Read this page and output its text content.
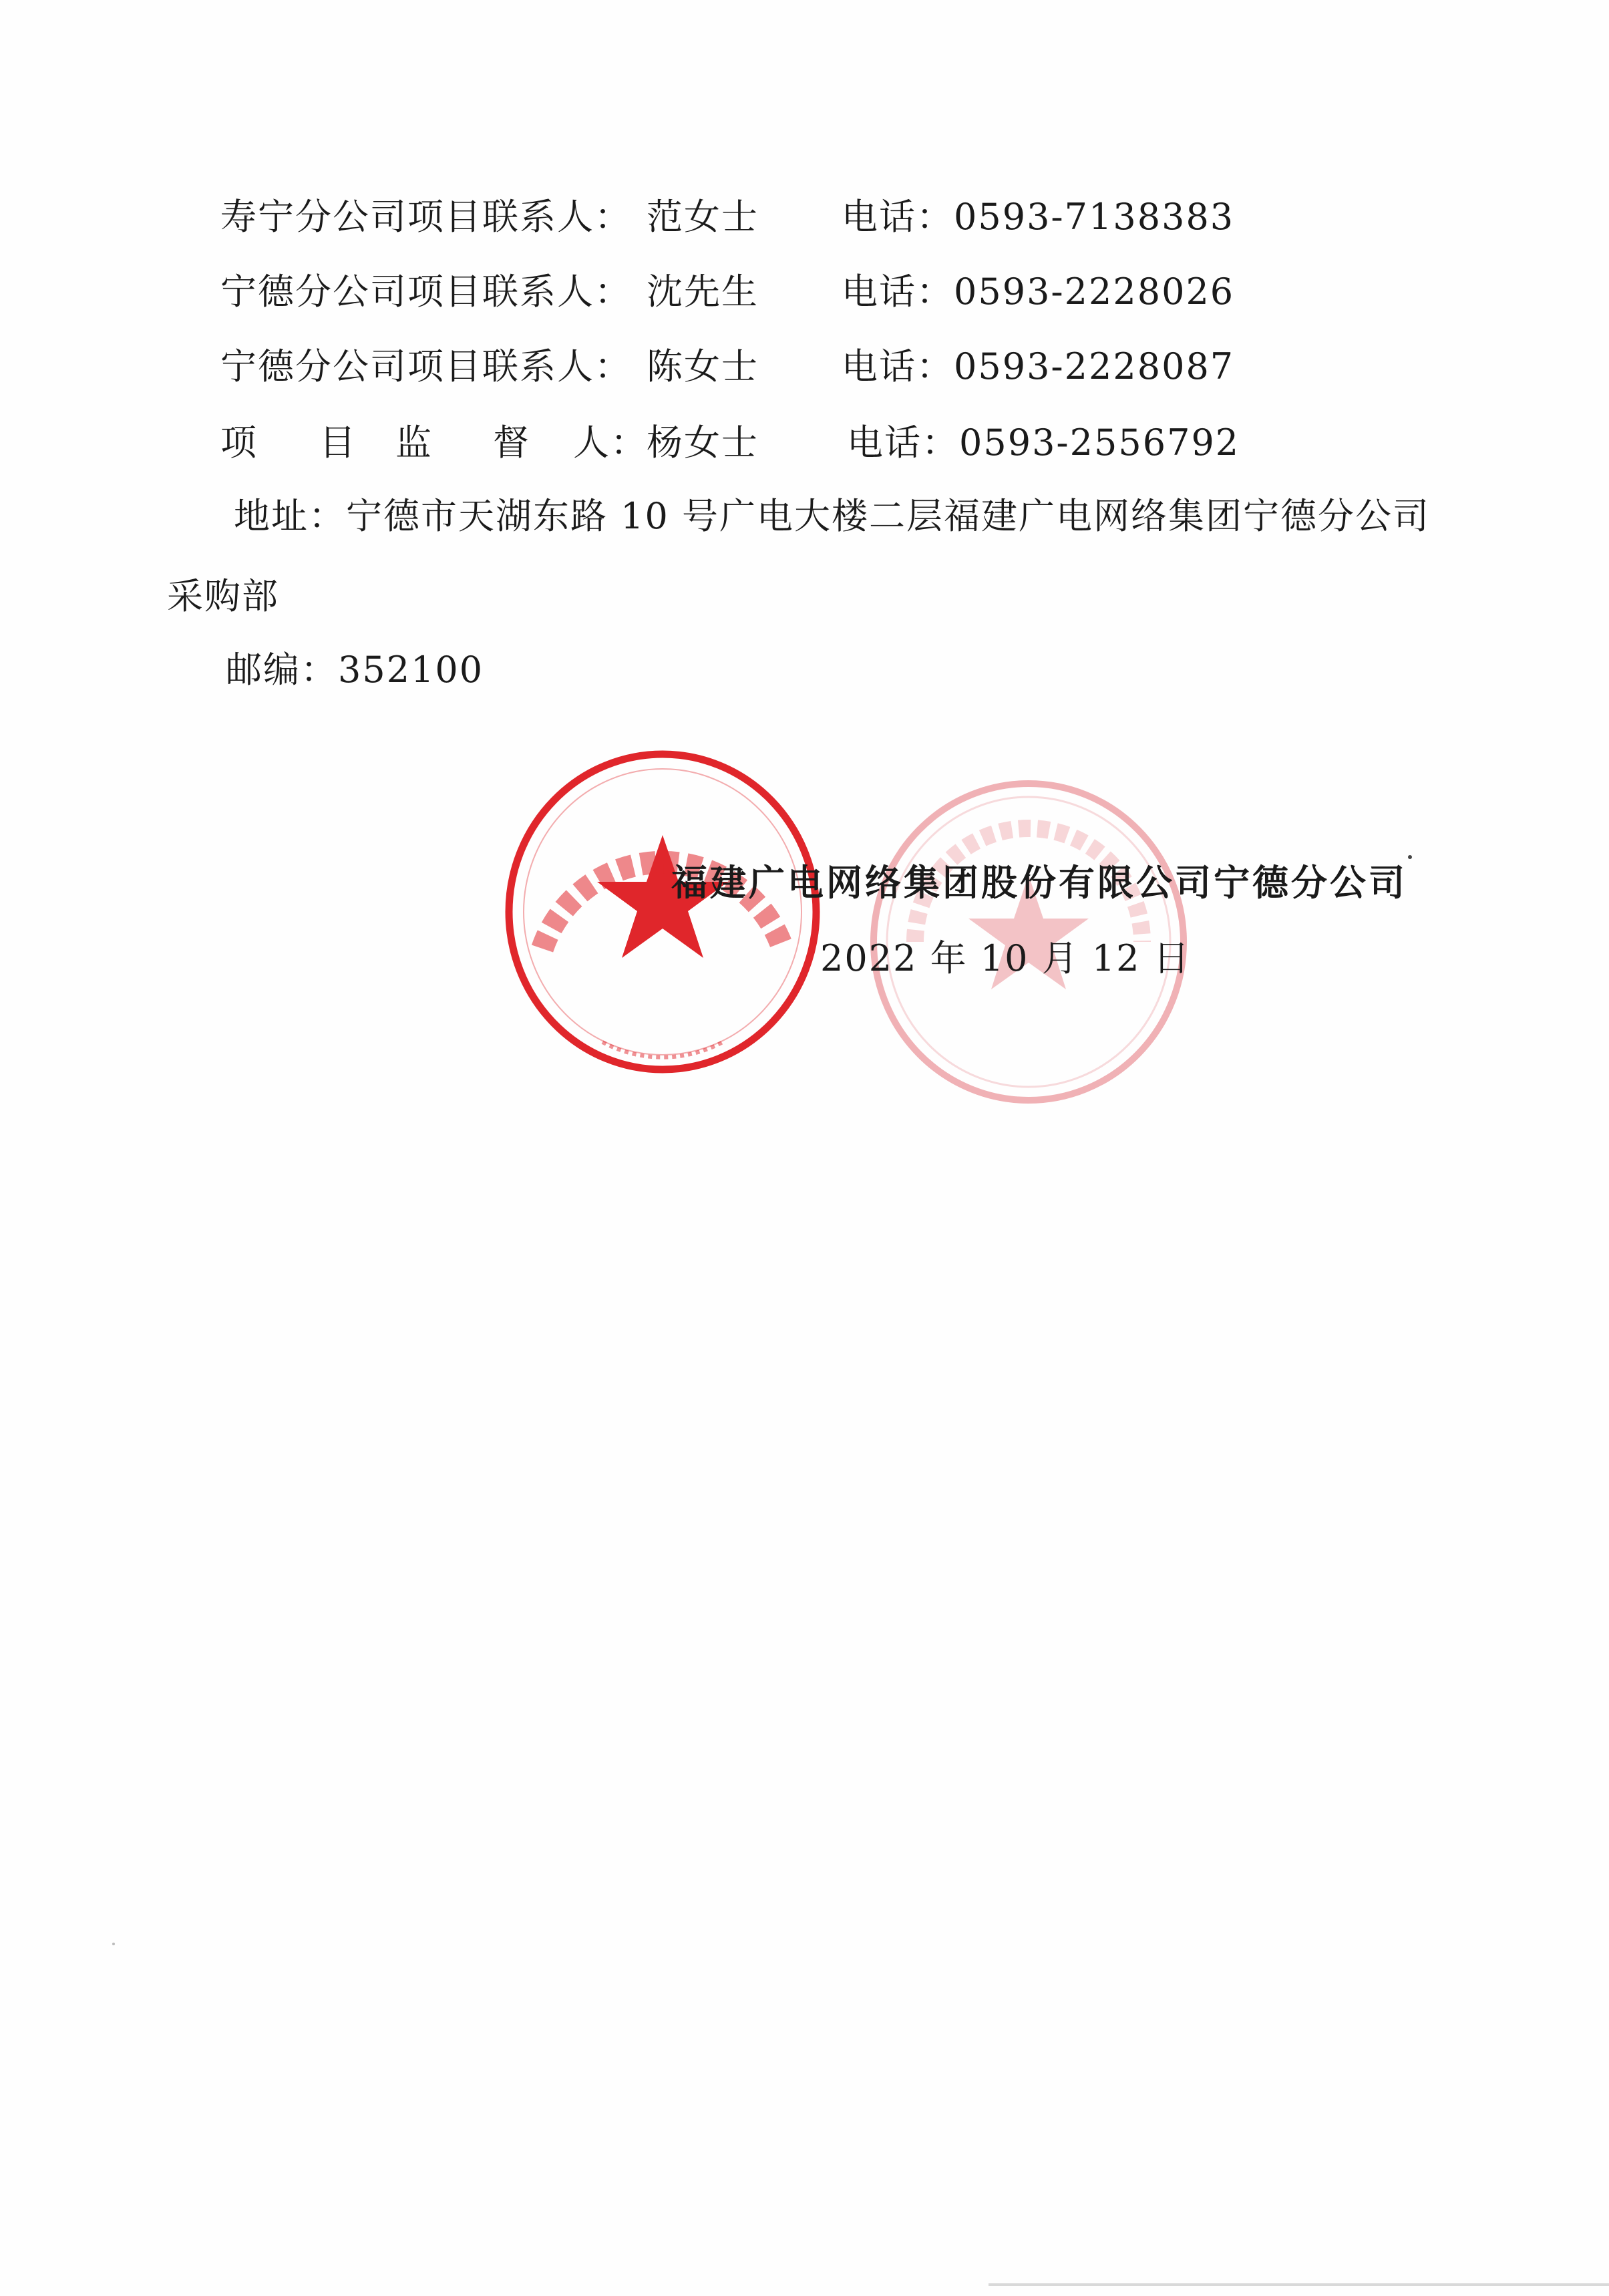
寿宁分公司项目联系人： 范女士 电话：0593-7138383
宁德分公司项目联系人： 沈先生 电话：0593-2228026
宁德分公司项目联系人： 陈女士 电话：0593-2228087
项 目 监 督 人：
杨女士 电话：0593-2556792
地址：宁德市天湖东路 10 号广电大楼二层福建广电网络集团宁德分公司
采购部
邮编：352100
福建广电网络集团股份有限公司宁德分公司
2022 年 10 月 12 日
